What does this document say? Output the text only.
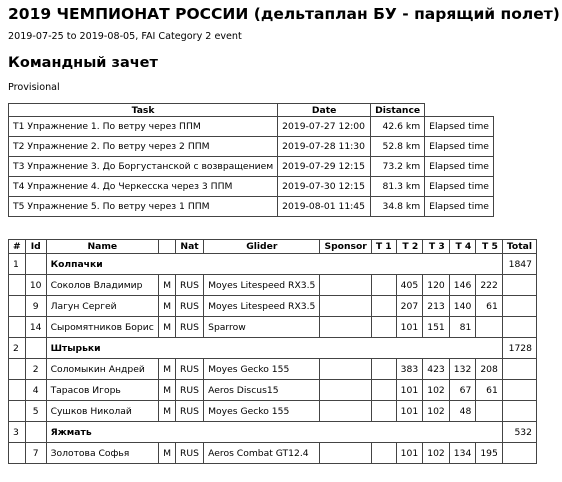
2019 ЧЕМПИОНАТ РОССИИ (дельтаплан БУ - парящий полет)
2019-07-25 to 2019-08-05, FAI Category 2 event
Командный зачет
Provisional
Task	Date	Distance	
T1 Упражнение 1. По ветру через ППМ	2019-07-27 12:00	42.6 km	Elapsed time
T2 Упражнение 2. По ветру через 2 ППМ	2019-07-28 11:30	52.8 km	Elapsed time
T3 Упражнение 3. До Боргустанской с возвращением	2019-07-29 12:15	73.2 km	Elapsed time
T4 Упражнение 4. До Черкесска через 3 ППМ	2019-07-30 12:15	81.3 km	Elapsed time
T5 Упражнение 5. По ветру через 1 ППМ	2019-08-01 11:45	34.8 km	Elapsed time
#	Id	Name		Nat	Glider	Sponsor	T 1	T 2	T 3	T 4	T 5	Total
1		Колпачки										1847
	10	Соколов Владимир	M	RUS	Moyes Litespeed RX3.5			405	120	146	222	
	9	Лагун Сергей	M	RUS	Moyes Litespeed RX3.5			207	213	140	61	
	14	Сыромятников Борис	M	RUS	Sparrow			101	151	81		
2		Штырьки										1728
	2	Соломыкин Андрей	M	RUS	Moyes Gecko 155			383	423	132	208	
	4	Тарасов Игорь	M	RUS	Aeros Discus15			101	102	67	61	
	5	Сушков Николай	M	RUS	Moyes Gecko 155			101	102	48		
3		Яжмать										532
	7	Золотова Софья	M	RUS	Aeros Combat GT12.4			101	102	134	195	
